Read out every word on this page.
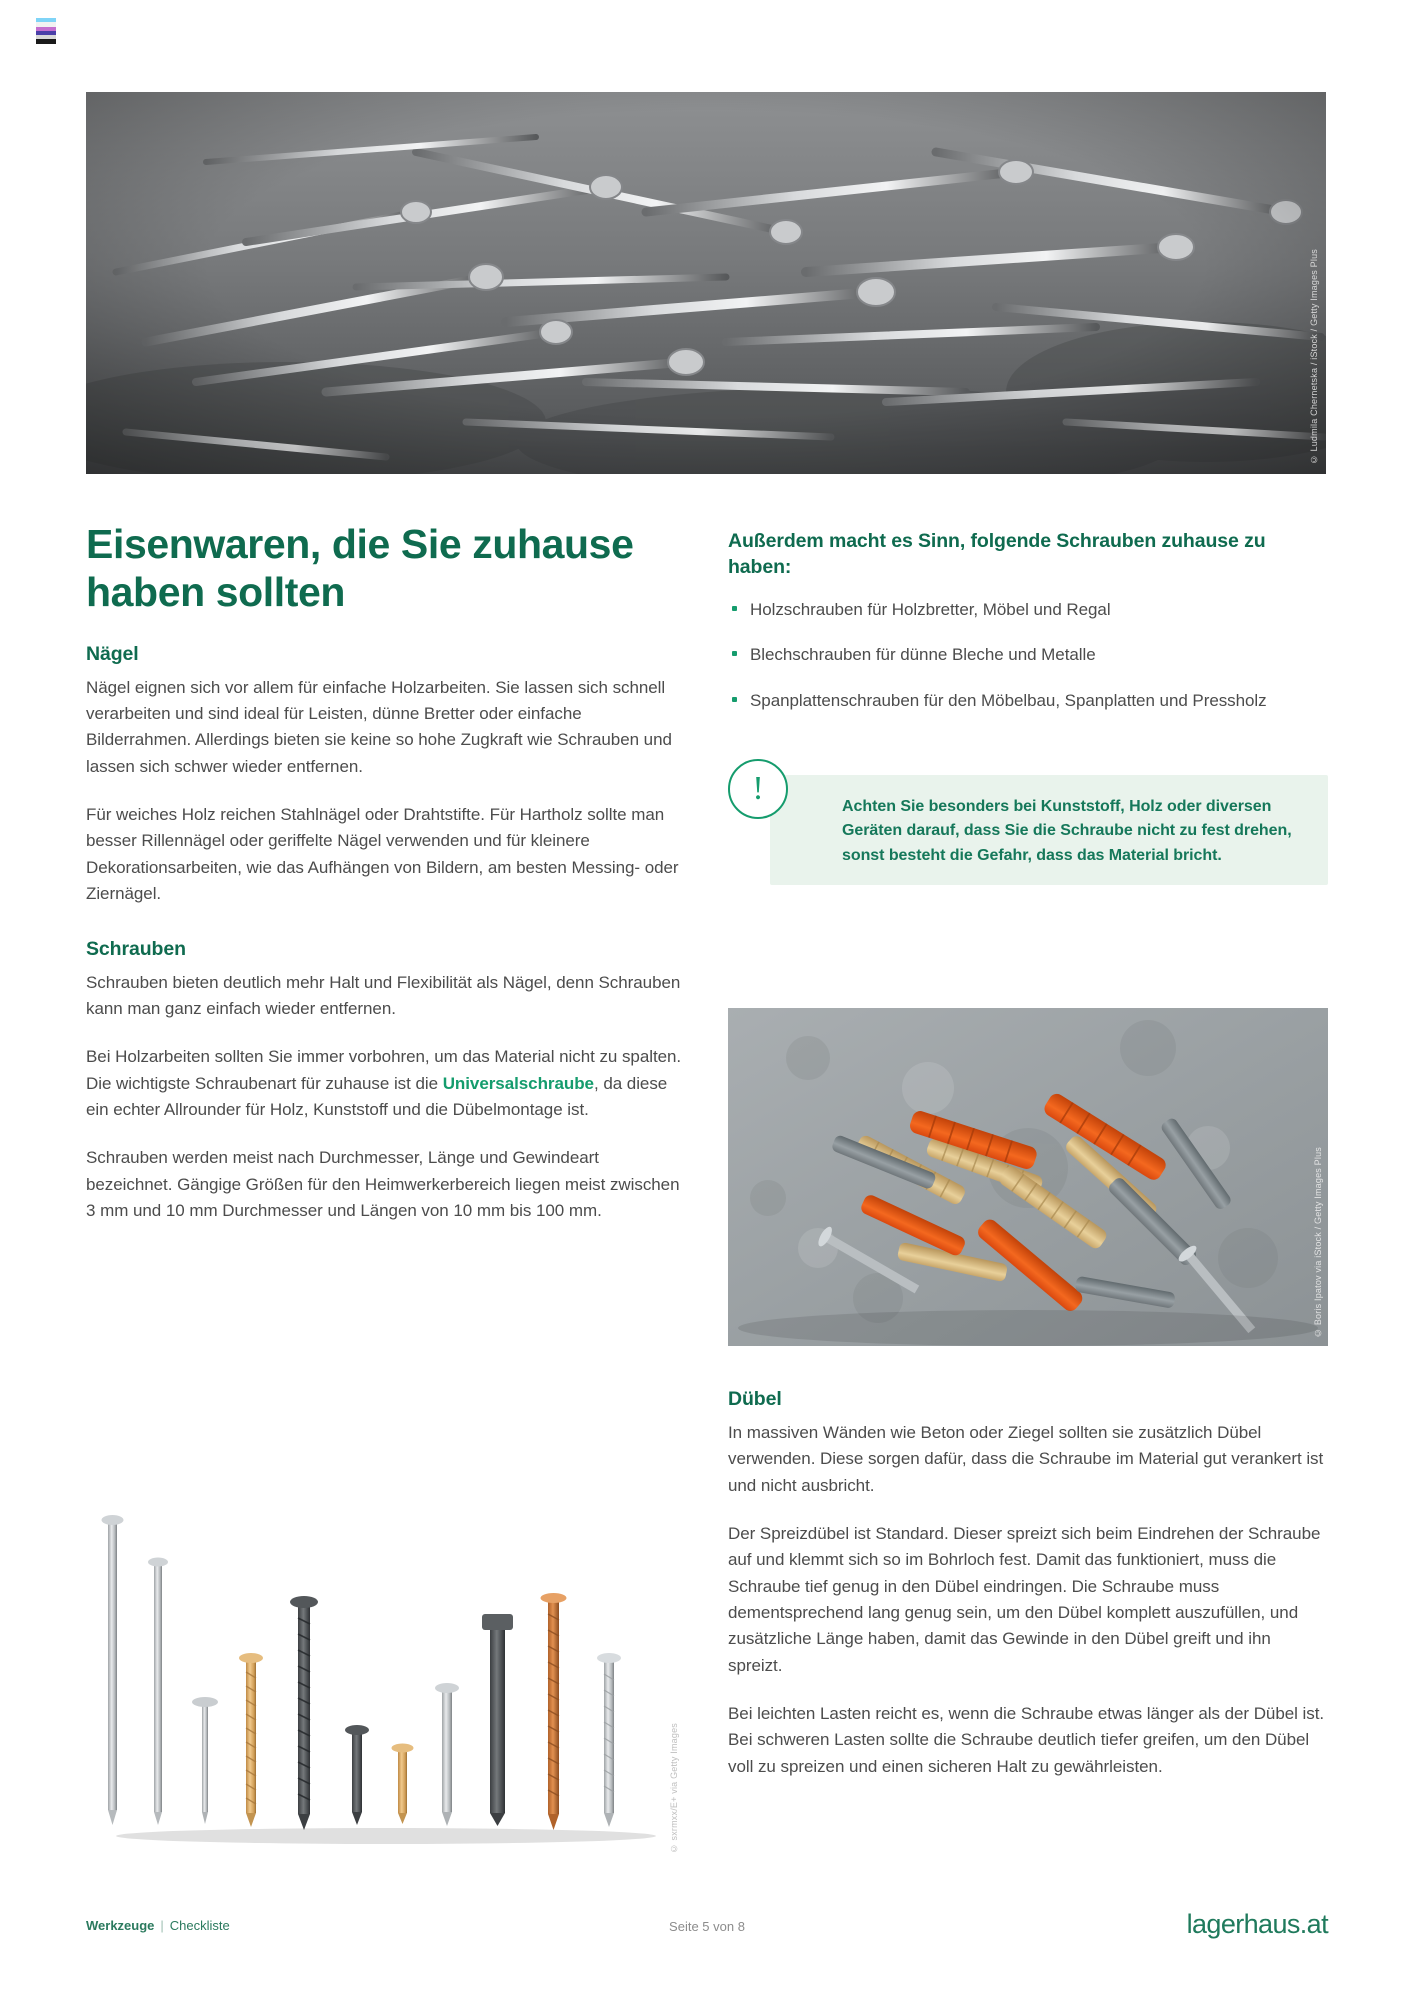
© Ludmila Chernetska / iStock / Getty Images Plus
Eisenwaren, die Sie zuhause haben sollten
Nägel

Nägel eignen sich vor allem für einfache Holzarbeiten. Sie lassen sich schnell verarbeiten und sind ideal für Leisten, dünne Bretter oder einfache Bilderrahmen. Allerdings bieten sie keine so hohe Zugkraft wie Schrauben und lassen sich schwer wieder entfernen.

Für weiches Holz reichen Stahlnägel oder Drahtstifte. Für Hartholz sollte man besser Rillennägel oder geriffelte Nägel verwenden und für kleinere Dekorationsarbeiten, wie das Aufhängen von Bildern, am besten Messing- oder Ziernägel.

Schrauben

Schrauben bieten deutlich mehr Halt und Flexibilität als Nägel, denn Schrauben kann man ganz einfach wieder entfernen.

Bei Holzarbeiten sollten Sie immer vorbohren, um das Material nicht zu spalten. Die wichtigste Schraubenart für zuhause ist die Universalschraube, da diese ein echter Allrounder für Holz, Kunststoff und die Dübelmontage ist.

Schrauben werden meist nach Durchmesser, Länge und Gewindeart bezeichnet. Gängige Größen für den Heimwerkerbereich liegen meist zwischen 3 mm und 10 mm Durchmesser und Längen von 10 mm bis 100 mm.

© sxrmxx/E+ via Getty Images
Außerdem macht es Sinn, folgende Schrauben zuhause zu haben:
Holzschrauben für Holzbretter, Möbel und Regal
Blechschrauben für dünne Bleche und Metalle
Spanplattenschrauben für den Möbelbau, Spanplatten und Pressholz
!	Achten Sie besonders bei Kunststoff, Holz oder diversen Geräten darauf, dass Sie die Schraube nicht zu fest drehen, sonst besteht die Gefahr, dass das Material bricht.

© Boris Ipatov via iStock / Getty Images Plus
Dübel

In massiven Wänden wie Beton oder Ziegel sollten sie zusätzlich Dübel verwenden. Diese sorgen dafür, dass die Schraube im Material gut verankert ist und nicht ausbricht.

Der Spreizdübel ist Standard. Dieser spreizt sich beim Eindrehen der Schraube auf und klemmt sich so im Bohrloch fest. Damit das funktioniert, muss die Schraube tief genug in den Dübel eindringen. Die Schraube muss dementsprechend lang genug sein, um den Dübel komplett auszufüllen, und zusätzliche Länge haben, damit das Gewinde in den Dübel greift und ihn spreizt.

Bei leichten Lasten reicht es, wenn die Schraube etwas länger als der Dübel ist. Bei schweren Lasten sollte die Schraube deutlich tiefer greifen, um den Dübel voll zu spreizen und einen sicheren Halt zu gewährleisten.

Werkzeuge | Checkliste	Seite 5 von 8	lagerhaus.at
